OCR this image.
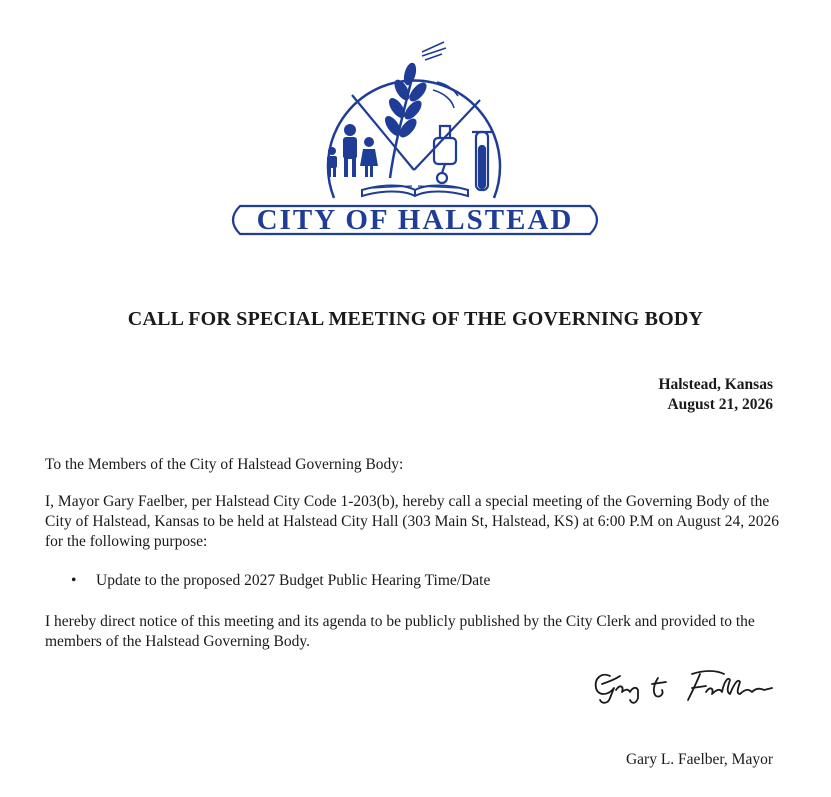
CITY OF HALSTEAD
CALL FOR SPECIAL MEETING OF THE GOVERNING BODY
Halstead, Kansas
August 21, 2026

To the Members of the City of Halstead Governing Body:

I, Mayor Gary Faelber, per Halstead City Code 1-203(b), hereby call a special meeting of the Governing Body of the City of Halstead, Kansas to be held at Halstead City Hall (303 Main St, Halstead, KS) at 6:00 P.M on August 24, 2026 for the following purpose:

• Update to the proposed 2027 Budget Public Hearing Time/Date

I hereby direct notice of this meeting and its agenda to be publicly published by the City Clerk and provided to the members of the Halstead Governing Body.

Gary L. Faelber, Mayor
